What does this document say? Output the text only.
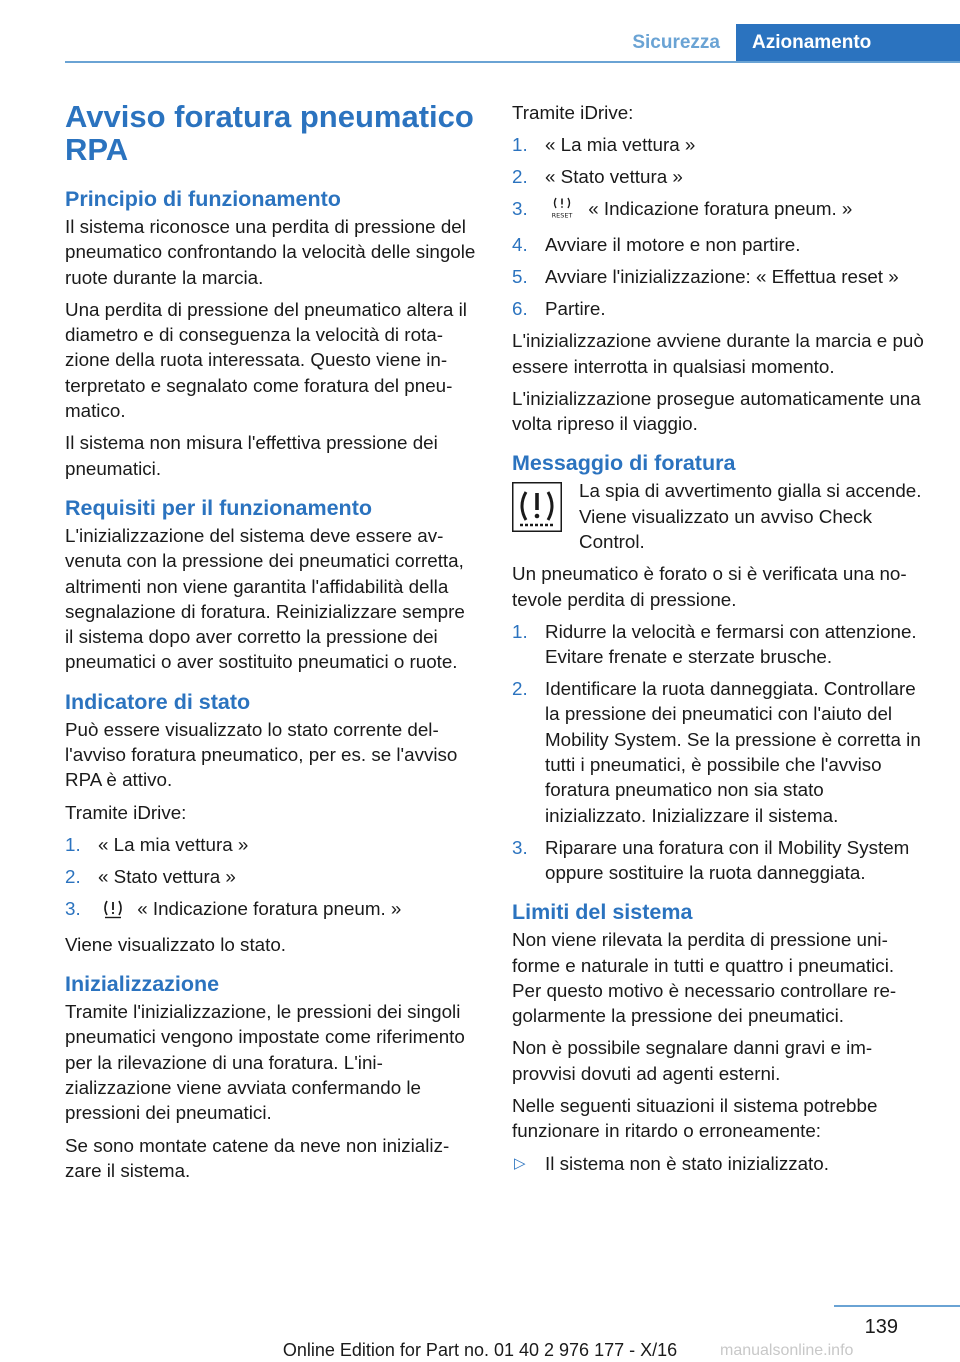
Sicurezza	Azionamento
Avviso foratura pneumatico RPA
Principio di funzionamento

Il sistema riconosce una perdita di pressione del pneumatico confrontando la velocità delle singole ruote durante la marcia.

Una perdita di pressione del pneumatico altera il diametro e di conseguenza la velocità di rotazione della ruota interessata. Questo viene interpretato e segnalato come foratura del pneumatico.

Il sistema non misura l'effettiva pressione dei pneumatici.

Requisiti per il funzionamento

L'inizializzazione del sistema deve essere avvenuta con la pressione dei pneumatici corretta, altrimenti non viene garantita l'affidabilità della segnalazione di foratura. Reinizializzare sempre il sistema dopo aver corretto la pressione dei pneumatici o aver sostituito pneumatici o ruote.

Indicatore di stato

Può essere visualizzato lo stato corrente dell'avviso foratura pneumatico, per es. se l'avviso RPA è attivo.

Tramite iDrive:

1. « La mia vettura »
2. « Stato vettura »
3.	« Indicazione foratura pneum. »

Viene visualizzato lo stato.

Inizializzazione

Tramite l'inizializzazione, le pressioni dei singoli pneumatici vengono impostate come riferimento per la rilevazione di una foratura. L'inizializzazione viene avviata confermando le pressioni dei pneumatici.

Se sono montate catene da neve non inizializzare il sistema.

Tramite iDrive:

1. « La mia vettura »
2. « Stato vettura »
3.	RESET « Indicazione foratura pneum. »
4. Avviare il motore e non partire.
5. Avviare l'inizializzazione: « Effettua reset »
6. Partire.

L'inizializzazione avviene durante la marcia e può essere interrotta in qualsiasi momento.

L'inizializzazione prosegue automaticamente una volta ripreso il viaggio.

Messaggio di foratura
La spia di avvertimento gialla si accende. Viene visualizzato un avviso Check Control.

Un pneumatico è forato o si è verificata una notevole perdita di pressione.

1. Ridurre la velocità e fermarsi con attenzione. Evitare frenate e sterzate brusche.
2. Identificare la ruota danneggiata. Controllare la pressione dei pneumatici con l'aiuto del Mobility System. Se la pressione è corretta in tutti i pneumatici, è possibile che l'avviso foratura pneumatico non sia stato inizializzato. Inizializzare il sistema.
3. Riparare una foratura con il Mobility System oppure sostituire la ruota danneggiata.
Limiti del sistema

Non viene rilevata la perdita di pressione uniforme e naturale in tutti e quattro i pneumatici. Per questo motivo è necessario controllare regolarmente la pressione dei pneumatici.

Non è possibile segnalare danni gravi e improvvisi dovuti ad agenti esterni.

Nelle seguenti situazioni il sistema potrebbe funzionare in ritardo o erroneamente:

▷ Il sistema non è stato inizializzato.
139
Online Edition for Part no. 01 40 2 976 177 - X/16	manualsonline.info
